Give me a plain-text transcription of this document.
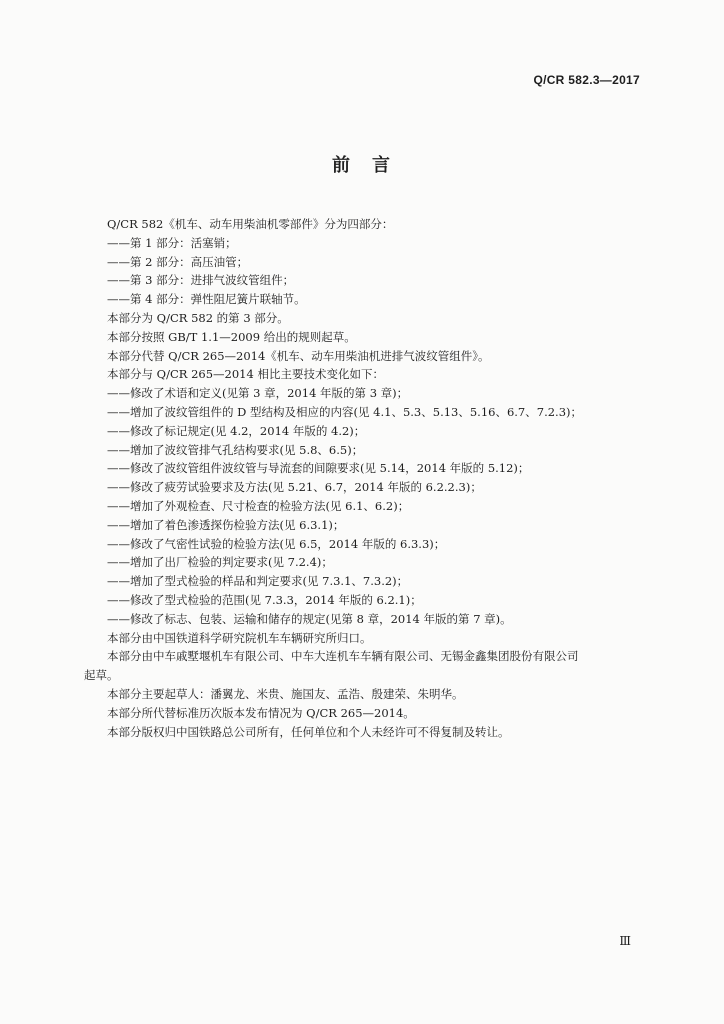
Q/CR 582.3—2017
前　言
Q/CR 582《机车、动车用柴油机零部件》分为四部分：
——第 1 部分：活塞销；
——第 2 部分：高压油管；
——第 3 部分：进排气波纹管组件；
——第 4 部分：弹性阻尼簧片联轴节。
本部分为 Q/CR 582 的第 3 部分。
本部分按照 GB/T 1.1—2009 给出的规则起草。
本部分代替 Q/CR 265—2014《机车、动车用柴油机进排气波纹管组件》。
本部分与 Q/CR 265—2014 相比主要技术变化如下：
——修改了术语和定义(见第 3 章，2014 年版的第 3 章)；
——增加了波纹管组件的 D 型结构及相应的内容(见 4.1、5.3、5.13、5.16、6.7、7.2.3)；
——修改了标记规定(见 4.2，2014 年版的 4.2)；
——增加了波纹管排气孔结构要求(见 5.8、6.5)；
——修改了波纹管组件波纹管与导流套的间隙要求(见 5.14，2014 年版的 5.12)；
——修改了疲劳试验要求及方法(见 5.21、6.7，2014 年版的 6.2.2.3)；
——增加了外观检查、尺寸检查的检验方法(见 6.1、6.2)；
——增加了着色渗透探伤检验方法(见 6.3.1)；
——修改了气密性试验的检验方法(见 6.5，2014 年版的 6.3.3)；
——增加了出厂检验的判定要求(见 7.2.4)；
——增加了型式检验的样品和判定要求(见 7.3.1、7.3.2)；
——修改了型式检验的范围(见 7.3.3，2014 年版的 6.2.1)；
——修改了标志、包装、运输和储存的规定(见第 8 章，2014 年版的第 7 章)。
本部分由中国铁道科学研究院机车车辆研究所归口。
本部分由中车戚墅堰机车有限公司、中车大连机车车辆有限公司、无锡金鑫集团股份有限公司
起草。
本部分主要起草人：潘翼龙、米贵、施国友、孟浩、殷建荣、朱明华。
本部分所代替标准历次版本发布情况为 Q/CR 265—2014。
本部分版权归中国铁路总公司所有，任何单位和个人未经许可不得复制及转让。
Ⅲ
